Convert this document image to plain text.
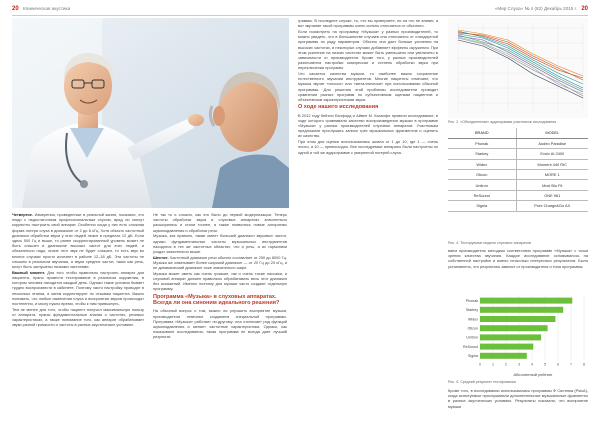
20 Клиническая акустика	«Мир Слуха» № 4 (82) Декабрь 2015 г. 20

Четвертое. Измерения, проведенные в реальной жизни, показали, что люди с недостаточным профессиональным слухом, вряд ли смогут корректно настроить свой аппарат. Особенно когда у них есть сложная форма потери слуха в диапазоне от 2 до 6 кГц. Хотя обычно частотный диапазон обработки звука у этих людей лежит в пределах 12 дБ. Если здесь 500 Гц и выше, то ранее скорректированный уровень может не быть слышен в диапазоне высоких частот для этих людей, и обязательно надо, иначе этот звук не будет слышен, то есть звук во многих случаях просто исчезнет в районе 12–18 дБ. Эти частоты не слышны в реальном звучании, а звуки средних частот, таких как речь, могут быть заглушены низкими частотами.

Важный момент. Для того чтобы правильно настроить аппарат для пациента, нужно провести тестирование в реальном окружении, в котором человек находится каждый день. Однако такие условия бывает трудно воспроизвести в кабинете. Поэтому часто настройку проводят в несколько этапов, а затем корректируют по отзывам пациента. Важно понимать, что любые изменения слуха и восприятия звуков происходят постепенно, и мозгу нужно время, чтобы к ним привыкнуть.

Тем не менее для того, чтобы пациент получил максимальную пользу от аппарата, нужны фундаментальные знания о частотах, речевых характеристиках, а также понимание того, как аппарат обрабатывает звуки разной громкости и частоты в разных акустических условиях.

Не так то и сложно, как это было до первой модернизации. Теперь частоты обработки звука в слуховых аппаратах значительно расширились и стали точнее, а также появились новые алгоритмы шумоподавления и обработки речи.

Музыка, как правило, также имеет больший диапазон звуковых частот, однако фундаментальные частоты музыкальных инструментов находятся в тех же частотных областях, что и речь, а их гармоники уходят значительно выше.

Шестое. Частотный диапазон речи обычно составляет от 250 до 8000 Гц. Музыка же охватывает более широкий диапазон — от 20 Гц до 20 кГц, и ее динамический диапазон тоже значительно шире.

Музыка может иметь как очень громкие, так и очень тихие пассажи, и слуховой аппарат должен правильно обрабатывать весь этот диапазон без искажений. Именно поэтому для музыки часто создают отдельную программу.

Программа «Музыка» в слуховых аппаратах. Всегда ли она синоним идеального решения?

На обычный вопрос о том, можно ли улучшить восприятие музыки, производители отвечают созданием специальной программы. Программа «Музыка» работает по-другому: она отключает ряд функций шумоподавления и меняет частотные характеристики. Однако, как показывают исследования, такая программа не всегда дает лучший результат.

граммы. В последнее случае, то, что вы проверяете, ни на что не влияет, а вот звучание такой программы очень сильно отличается от обычного.

Если посмотреть на программу «Музыка» у разных производителей, то можно увидеть, что в большинстве случаев она отличается от стандартной программы по ряду параметров. Обычно она дает больше усиления на высоких частотах, в некоторых случаях добавляет эффекты окружения. При этом усиление на низких частотах может быть уменьшено или увеличено в зависимости от производителя. Кроме того, у разных производителей различаются настройки компрессии и степень обработки звука при переключении программ.

Что касается качества музыки, то наиболее важно сохранение естественного звучания инструментов. Многие пациенты отмечают, что музыка звучит «плоско» или «металлически» при использовании обычной программы. Для решения этой проблемы исследователи проводят сравнения разных программ по субъективным оценкам пациентов и объективным характеристикам звука.

О ходе нашего исследования

В 2012 году Кейтли Бэнфорд и Айвен М. Кахалфе провели исследование, в ходе которого сравнивали качество воспроизведения музыки в программе «Музыка» у разных производителей слуховых аппаратов. Участникам предложили прослушать записи трех музыкальных фрагментов и оценить их качество.

При этом для оценки использовалась шкала от 1 до 10, где 1 — очень плохо, а 10 — превосходно. Все исследуемые аппараты были настроены по одной и той же аудиограмме с умеренной потерей слуха.

Рис. 2. «Объединенная» аудиограмма участников исследования
BRAND	MODEL
Phonak	Audeo Paradise
Starkey	Evolv AI 2400
Widex	Moment 440 RIC
Oticon	MORE 1
Unitron	Moxi Blu Fit
ReSound	ONE 961
Signia	Pure Charge&Go AX
Рис. 4. Тестируемые модели слуховых аппаратов

ваем производитель методики соответствия программе «Музыка» с точки зрения качества звучания. Каждое исследование основывалось на собственной настройке и имело несколько интересных результатов. Было установлено, что результаты зависят от производителя и типа программы.

Phonak
Starkey
Widex
Oticon
Unitron
ReSound
Signia
0	1	2	3	4	5	6	7	8
Абсолютный рейтинг
Рис. 5. Средний результат тестирования

Кроме того, в исследовании использовались программы Ф Система (PsicA), когда испытуемые прослушивали дополнительные музыкальные фрагменты в разных акустических условиях. Результаты показали, что восприятие музыки
